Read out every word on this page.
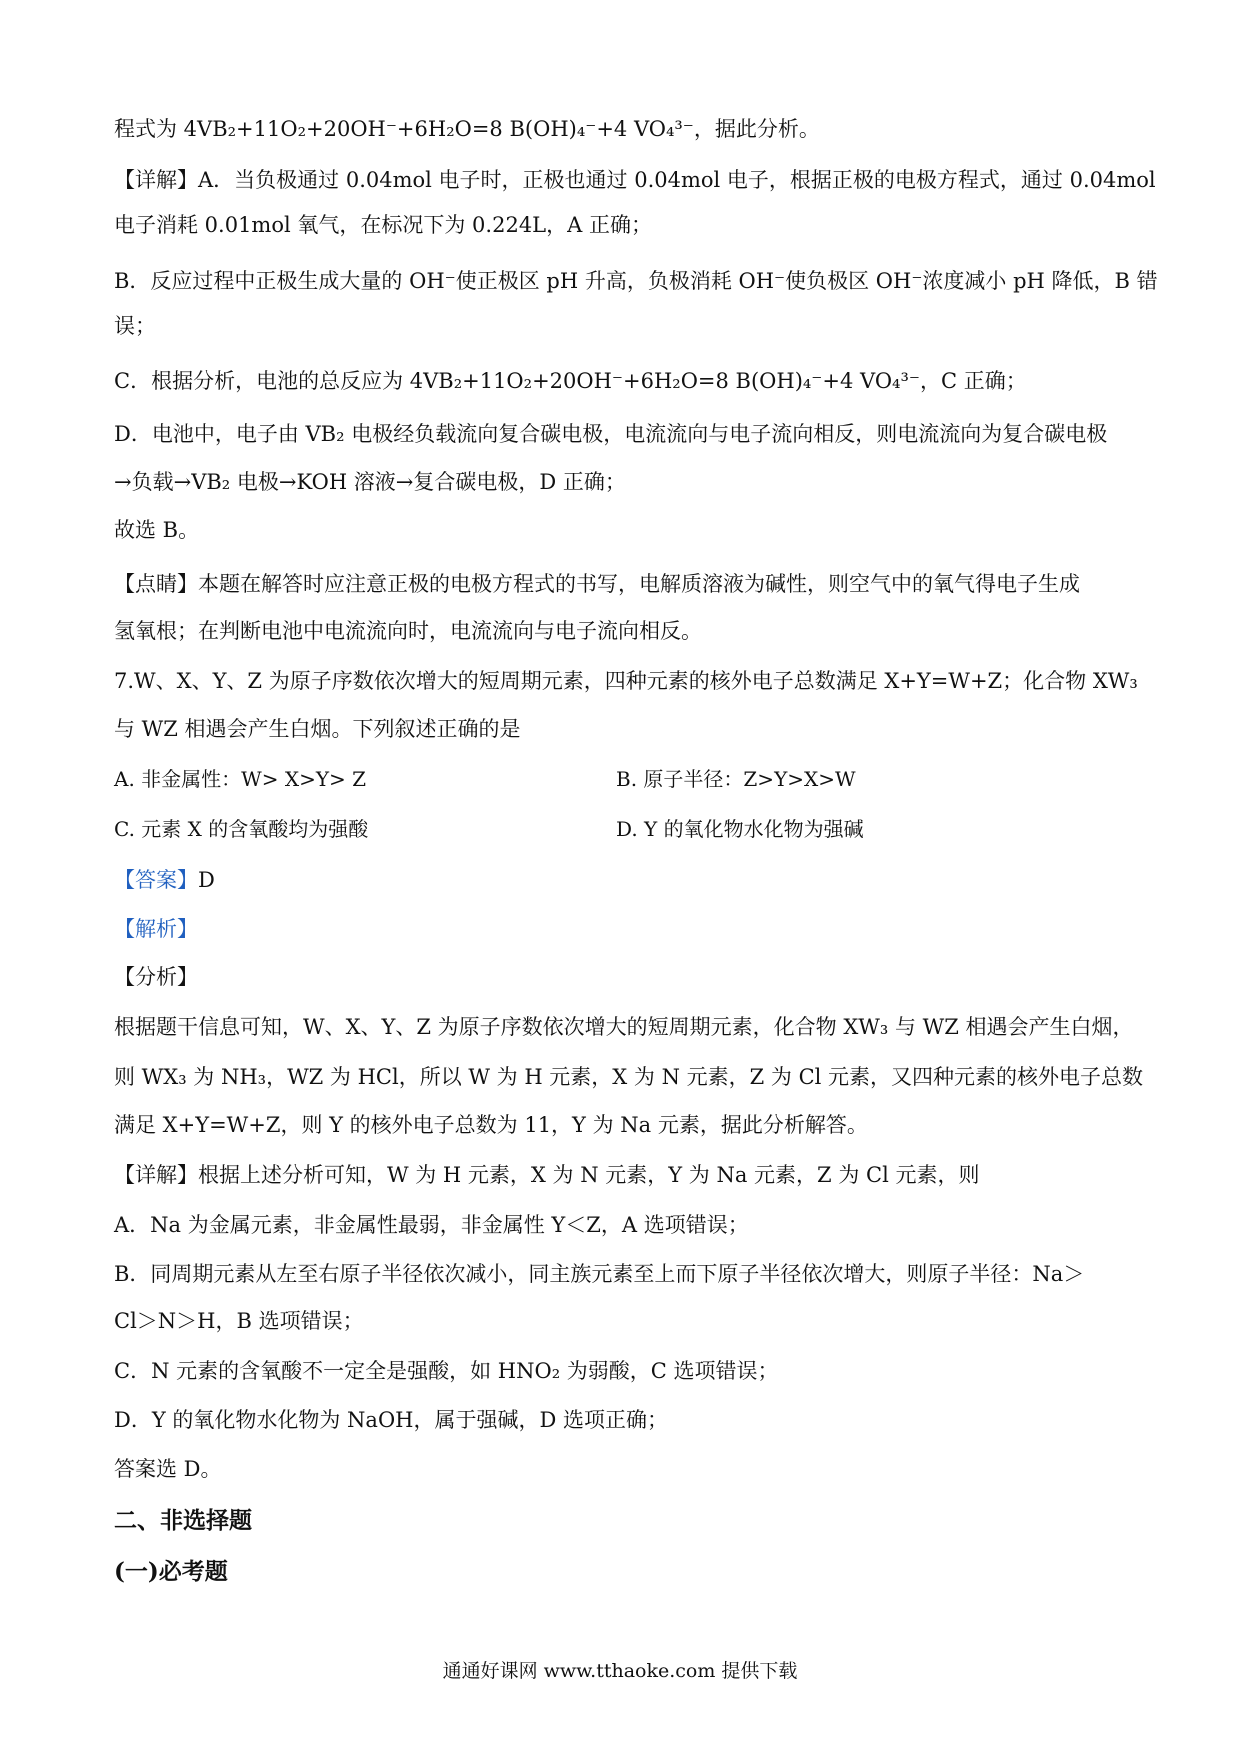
程式为 4VB₂+11O₂+20OH⁻+6H₂O=8 B(OH)₄⁻+4 VO₄³⁻，据此分析。
【详解】A．当负极通过 0.04mol 电子时，正极也通过 0.04mol 电子，根据正极的电极方程式，通过 0.04mol
电子消耗 0.01mol 氧气，在标况下为 0.224L，A 正确；
B．反应过程中正极生成大量的 OH⁻使正极区 pH 升高，负极消耗 OH⁻使负极区 OH⁻浓度减小 pH 降低，B 错
误；
C．根据分析，电池的总反应为 4VB₂+11O₂+20OH⁻+6H₂O=8 B(OH)₄⁻+4 VO₄³⁻，C 正确；
D．电池中，电子由 VB₂ 电极经负载流向复合碳电极，电流流向与电子流向相反，则电流流向为复合碳电极
→负载→VB₂ 电极→KOH 溶液→复合碳电极，D 正确；
故选 B。
【点睛】本题在解答时应注意正极的电极方程式的书写，电解质溶液为碱性，则空气中的氧气得电子生成
氢氧根；在判断电池中电流流向时，电流流向与电子流向相反。
7.W、X、Y、Z 为原子序数依次增大的短周期元素，四种元素的核外电子总数满足 X+Y=W+Z；化合物 XW₃
与 WZ 相遇会产生白烟。下列叙述正确的是
A. 非金属性：W> X>Y> Z	B. 原子半径：Z>Y>X>W
C. 元素 X 的含氧酸均为强酸	D. Y 的氧化物水化物为强碱
【答案】D
【解析】
【分析】
根据题干信息可知，W、X、Y、Z 为原子序数依次增大的短周期元素，化合物 XW₃ 与 WZ 相遇会产生白烟，
则 WX₃ 为 NH₃，WZ 为 HCl，所以 W 为 H 元素，X 为 N 元素，Z 为 Cl 元素，又四种元素的核外电子总数
满足 X+Y=W+Z，则 Y 的核外电子总数为 11，Y 为 Na 元素，据此分析解答。
【详解】根据上述分析可知，W 为 H 元素，X 为 N 元素，Y 为 Na 元素，Z 为 Cl 元素，则
A．Na 为金属元素，非金属性最弱，非金属性 Y＜Z，A 选项错误；
B．同周期元素从左至右原子半径依次减小，同主族元素至上而下原子半径依次增大，则原子半径：Na＞
Cl＞N＞H，B 选项错误；
C．N 元素的含氧酸不一定全是强酸，如 HNO₂ 为弱酸，C 选项错误；
D．Y 的氧化物水化物为 NaOH，属于强碱，D 选项正确；
答案选 D。
二、非选择题
(一)必考题
通通好课网 www.tthaoke.com 提供下载
